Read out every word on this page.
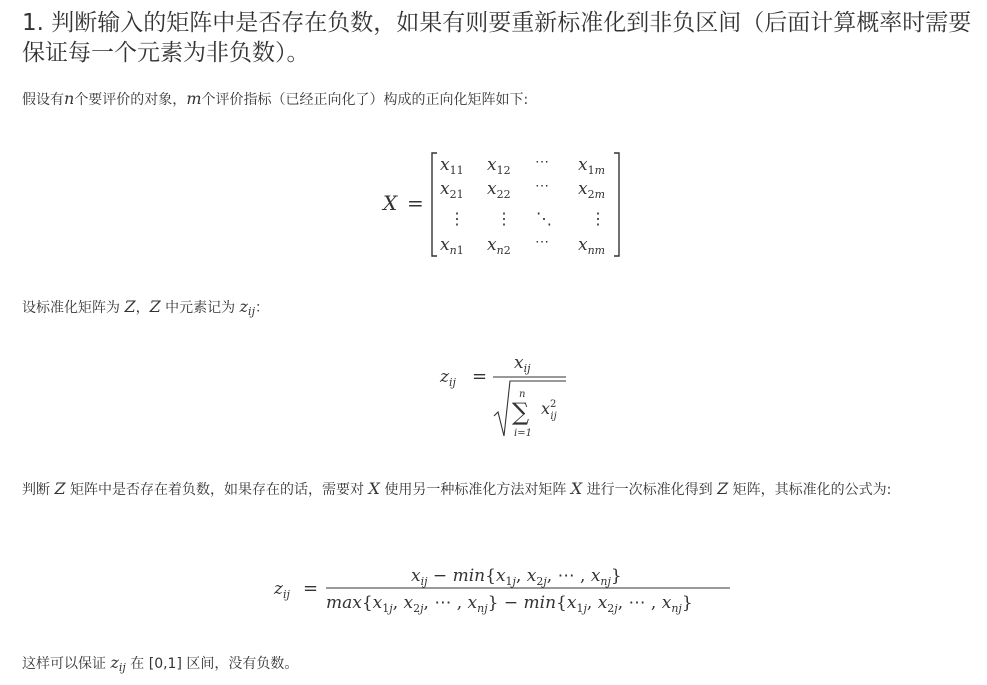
1. 判断输入的矩阵中是否存在负数，如果有则要重新标准化到非负区间（后面计算概率时需要保证每一个元素为非负数）。

假设有n个要评价的对象，m个评价指标（已经正向化了）构成的正向化矩阵如下:

X =
$x_{11}$ $x_{12}$
⋯ $x_1m$
$x_{21}$ $x_{22}$
⋯ $x_2m$
⋮ ⋮ ⋱ ⋮
$x_n1$ $x_n2$
⋯ $x_{nm}$

设标准化矩阵为 Z，Z 中元素记为 $z_{ij}$：

$z_{ij}$ =
$x_{ij}$
n
∑
i=1
$x^2$ ij

判断 Z 矩阵中是否存在着负数，如果存在的话，需要对 X 使用另一种标准化方法对矩阵 X 进行一次标准化得到 Z 矩阵，其标准化的公式为:

$z_{ij}$ =
$x_{ij} - \min\{x_1j$, $x_2j$, ⋯ , $x_{nj}$}
$\max\{x_1j$, $x_2j$, ⋯ , $x_{nj}\} - \min\{x_1j$, $x_2j$, ⋯ , $x_{nj}$}

这样可以保证 $z_{ij}$ 在 [0,1] 区间，没有负数。
